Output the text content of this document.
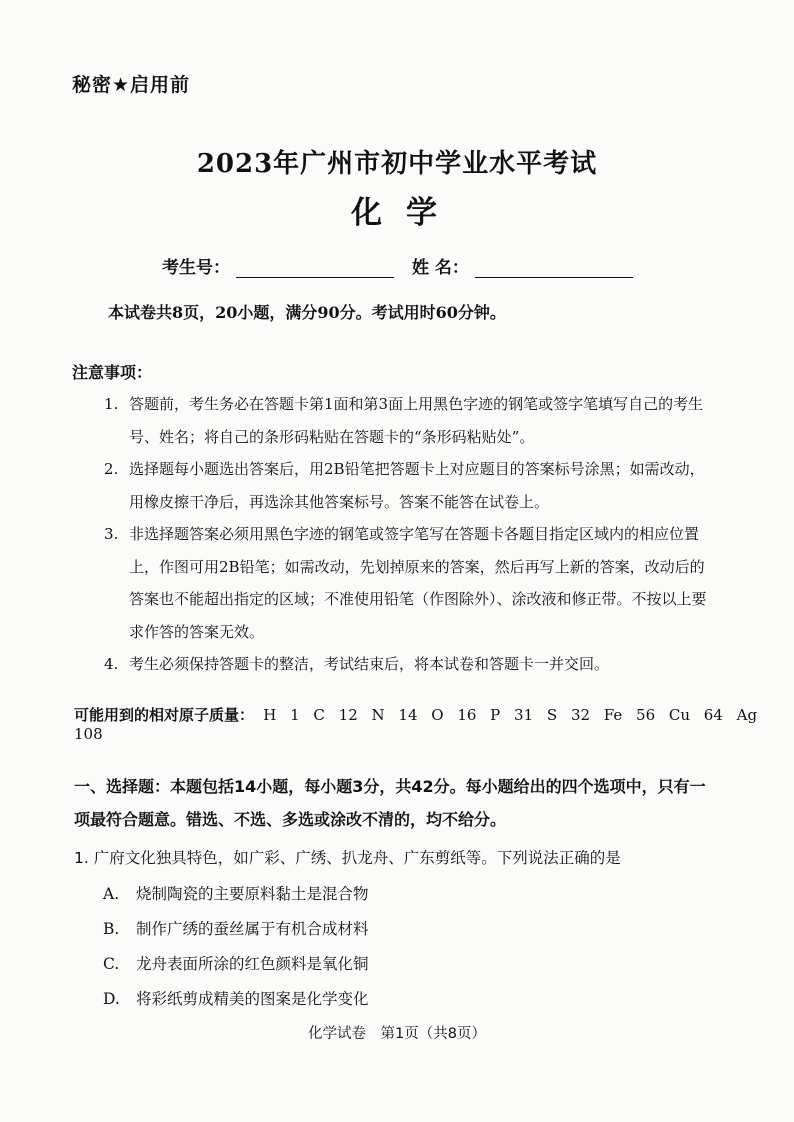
秘密★启用前
2023年广州市初中学业水平考试
化学
考生号：	姓 名：
本试卷共8页，20小题，满分90分。考试用时60分钟。
注意事项：
1. 答题前，考生务必在答题卡第1面和第3面上用黑色字迹的钢笔或签字笔填写自己的考生号、姓名；将自己的条形码粘贴在答题卡的“条形码粘贴处”。
2. 选择题每小题选出答案后，用2B铅笔把答题卡上对应题目的答案标号涂黑；如需改动，用橡皮擦干净后，再选涂其他答案标号。答案不能答在试卷上。
3. 非选择题答案必须用黑色字迹的钢笔或签字笔写在答题卡各题目指定区域内的相应位置上，作图可用2B铅笔；如需改动，先划掉原来的答案，然后再写上新的答案，改动后的答案也不能超出指定的区域；不准使用铅笔（作图除外）、涂改液和修正带。不按以上要求作答的答案无效。
4. 考生必须保持答题卡的整洁，考试结束后，将本试卷和答题卡一并交回。
可能用到的相对原子质量： H 1 C 12 N 14 O 16 P 31 S 32 Fe 56 Cu 64 Ag 108
一、选择题：本题包括14小题，每小题3分，共42分。每小题给出的四个选项中，只有一项最符合题意。错选、不选、多选或涂改不清的，均不给分。
1. 广府文化独具特色，如广彩、广绣、扒龙舟、广东剪纸等。下列说法正确的是
A. 烧制陶瓷的主要原料黏土是混合物
B. 制作广绣的蚕丝属于有机合成材料
C. 龙舟表面所涂的红色颜料是氧化铜
D. 将彩纸剪成精美的图案是化学变化
化学试卷　第1页（共8页）
